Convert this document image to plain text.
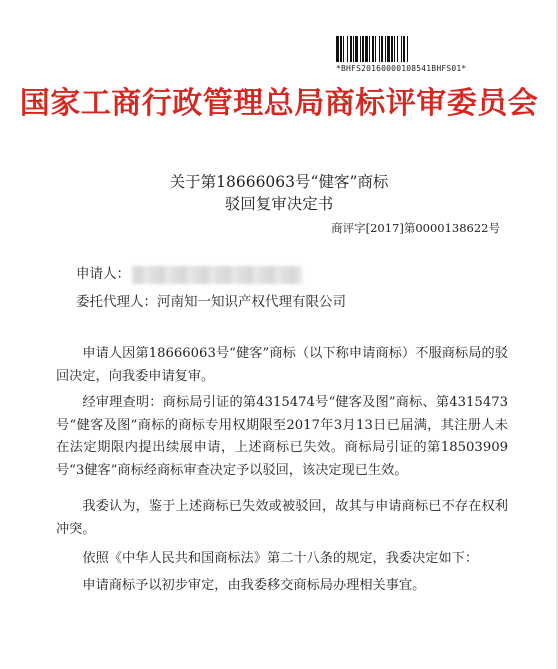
*BHFS20160000108541BHFS01*
国家工商行政管理总局商标评审委员会
关于第18666063号“健客”商标
驳回复审决定书
商评字[2017]第0000138622号
申请人：
委托代理人：河南知一知识产权代理有限公司
申请人因第18666063号“健客”商标（以下称申请商标）不服商标局的驳回决定，向我委申请复审。
经审理查明：商标局引证的第4315474号“健客及图”商标、第4315473号“健客及图”商标的商标专用权期限至2017年3月13日已届满，其注册人未在法定期限内提出续展申请，上述商标已失效。商标局引证的第18503909号“3健客”商标经商标审查决定予以驳回，该决定现已生效。
我委认为，鉴于上述商标已失效或被驳回，故其与申请商标已不存在权利冲突。
依照《中华人民共和国商标法》第二十八条的规定，我委决定如下：
申请商标予以初步审定，由我委移交商标局办理相关事宜。
